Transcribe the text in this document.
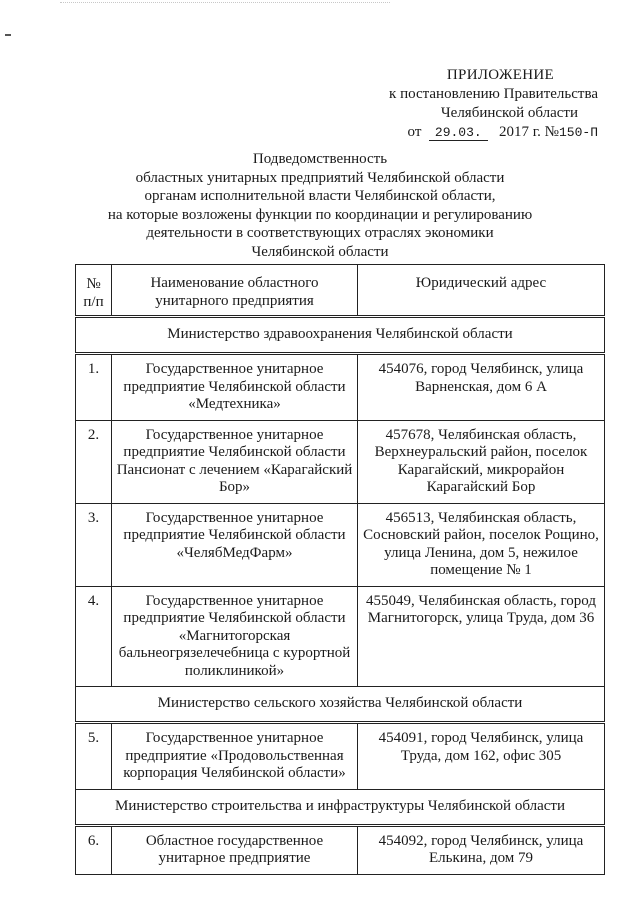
ПРИЛОЖЕНИЕ
к постановлению Правительства
Челябинской области
от 29.03. 2017 г. №150-П
Подведомственность
областных унитарных предприятий Челябинской области
органам исполнительной власти Челябинской области,
на которые возложены функции по координации и регулированию
деятельности в соответствующих отраслях экономики
Челябинской области
№ п/п	Наименование областного унитарного предприятия	Юридический адрес
Министерство здравоохранения Челябинской области		
1.	Государственное унитарное предприятие Челябинской области «Медтехника»	454076, город Челябинск, улица Варненская, дом 6 А
2.	Государственное унитарное предприятие Челябинской области Пансионат с лечением «Карагайский Бор»	457678, Челябинская область, Верхнеуральский район, поселок Карагайский, микрорайон Карагайский Бор
3.	Государственное унитарное предприятие Челябинской области «ЧелябМедФарм»	456513, Челябинская область, Сосновский район, поселок Рощино, улица Ленина, дом 5, нежилое помещение № 1
4.	Государственное унитарное предприятие Челябинской области «Магнитогорская бальнеогрязелечебница с курортной поликлиникой»	455049, Челябинская область, город Магнитогорск, улица Труда, дом 36
Министерство сельского хозяйства Челябинской области		
5.	Государственное унитарное предприятие «Продовольственная корпорация Челябинской области»	454091, город Челябинск, улица Труда, дом 162, офис 305
Министерство строительства и инфраструктуры Челябинской области		
6.	Областное государственное унитарное предприятие	454092, город Челябинск, улица Елькина, дом 79
